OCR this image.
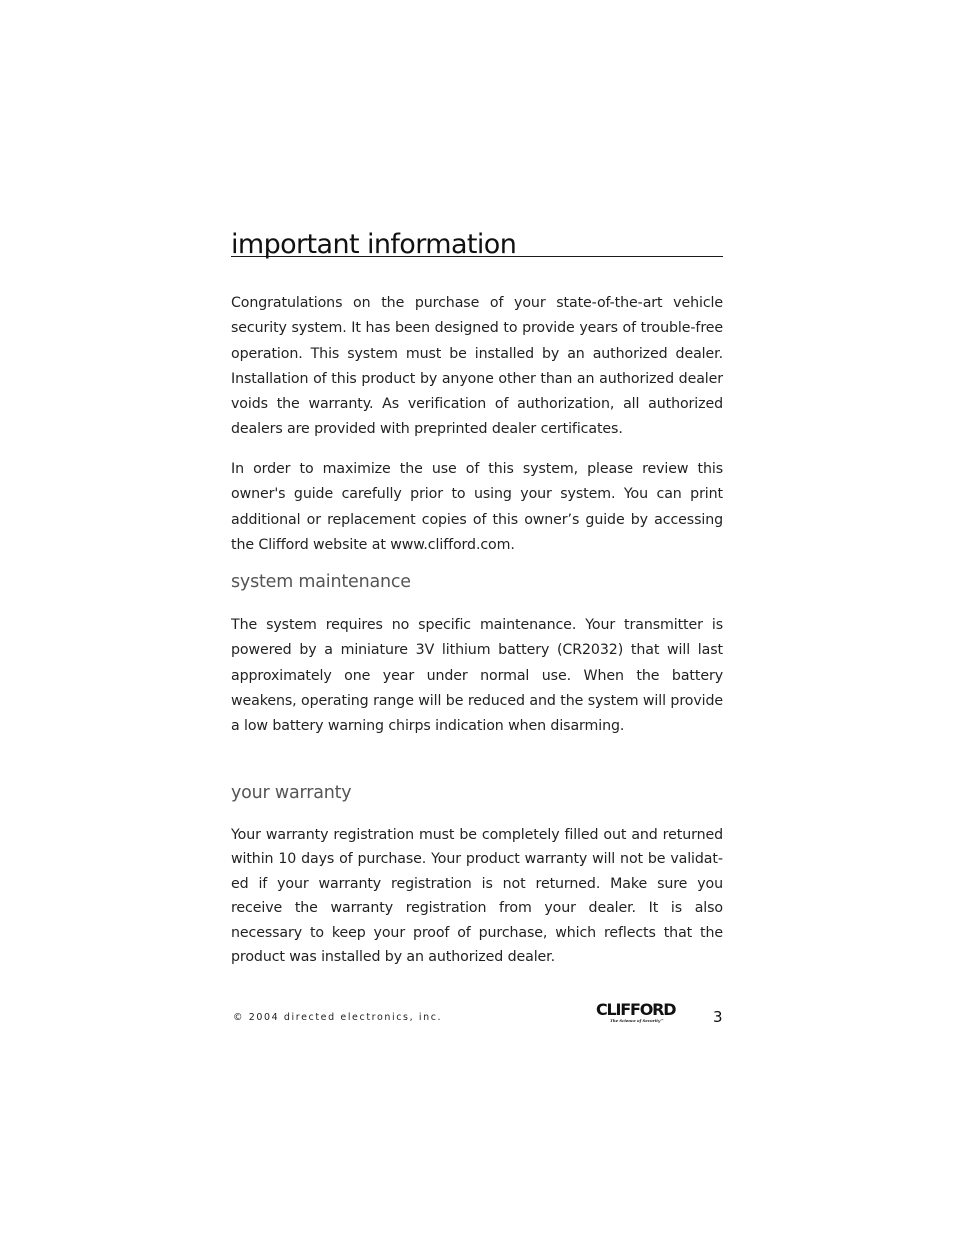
important information

Congratulations on the purchase of your state-of-the-art vehicle security system. It has been designed to provide years of trouble-free operation. This system must be installed by an authorized dealer. Installation of this product by anyone other than an authorized dealer voids the warranty. As verification of authorization, all authorized dealers are provided with preprinted dealer certificates.

In order to maximize the use of this system, please review this owner's guide carefully prior to using your system. You can print additional or replacement copies of this owner’s guide by accessing the Clifford website at www.clifford.com.

system maintenance

The system requires no specific maintenance. Your transmitter is powered by a miniature 3V lithium battery (CR2032) that will last approximately one year under normal use. When the battery weakens, operating range will be reduced and the system will provide a low battery warning chirps indication when disarming.

your warranty

Your warranty registration must be completely filled out and returned within 10 days of purchase. Your product warranty will not be validated if your warranty registration is not returned. Make sure you receive the warranty registration from your dealer. It is also necessary to keep your proof of purchase, which reflects that the product was installed by an authorized dealer.

© 2004 directed electronics, inc.	CLIFFORD
The Science of Security™	3
